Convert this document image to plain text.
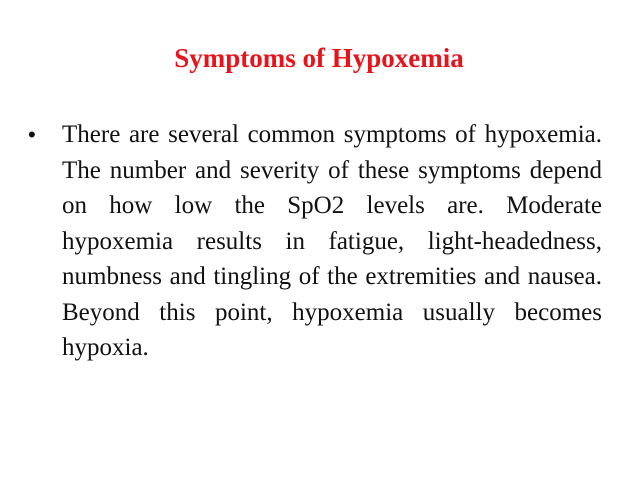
Symptoms of Hypoxemia
• There are several common symptoms of hypoxemia. The number and severity of these symptoms depend on how low the SpO2 levels are. Moderate hypoxemia results in fatigue, light-headedness, numbness and tingling of the extremities and nausea. Beyond this point, hypoxemia usually becomes hypoxia.
